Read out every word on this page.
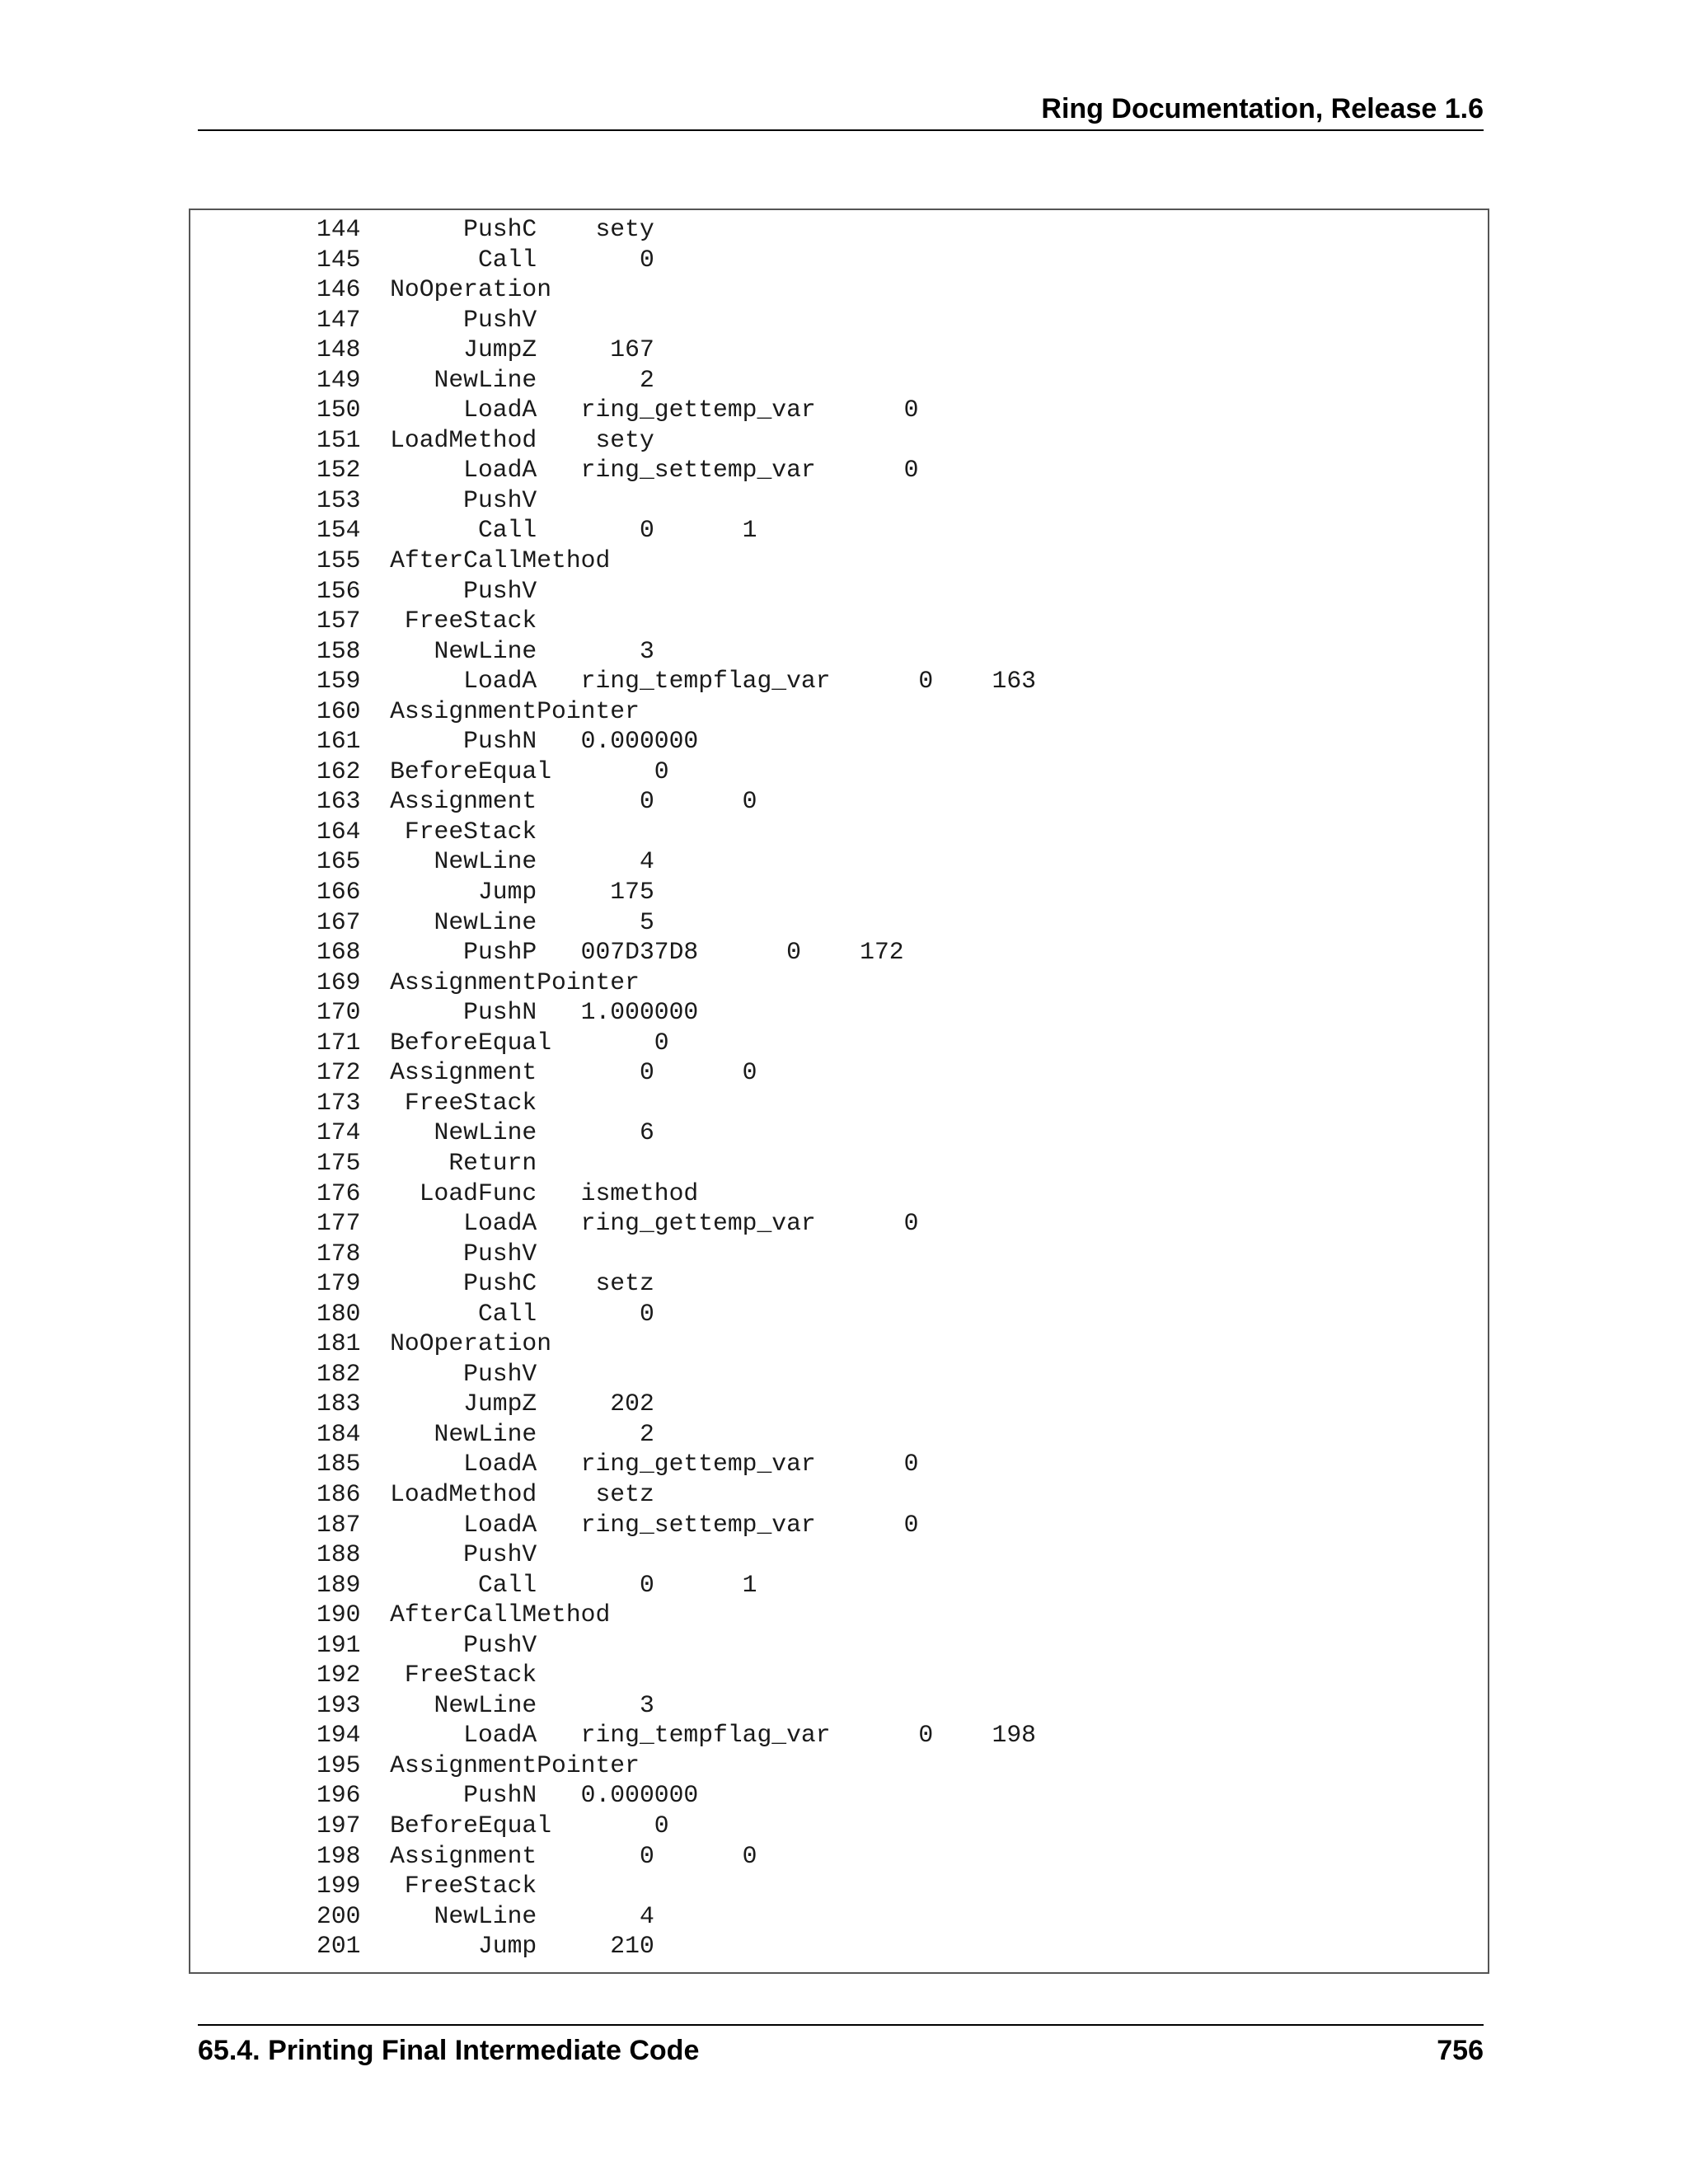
Ring Documentation, Release 1.6
144       PushC    sety
145        Call       0
146  NoOperation
147       PushV
148       JumpZ     167
149     NewLine       2
150       LoadA   ring_gettemp_var      0
151  LoadMethod    sety
152       LoadA   ring_settemp_var      0
153       PushV
154        Call       0      1
155  AfterCallMethod
156       PushV
157   FreeStack
158     NewLine       3
159       LoadA   ring_tempflag_var      0    163
160  AssignmentPointer
161       PushN   0.000000
162  BeforeEqual       0
163  Assignment       0      0
164   FreeStack
165     NewLine       4
166        Jump     175
167     NewLine       5
168       PushP   007D37D8      0    172
169  AssignmentPointer
170       PushN   1.000000
171  BeforeEqual       0
172  Assignment       0      0
173   FreeStack
174     NewLine       6
175      Return
176    LoadFunc   ismethod
177       LoadA   ring_gettemp_var      0
178       PushV
179       PushC    setz
180        Call       0
181  NoOperation
182       PushV
183       JumpZ     202
184     NewLine       2
185       LoadA   ring_gettemp_var      0
186  LoadMethod    setz
187       LoadA   ring_settemp_var      0
188       PushV
189        Call       0      1
190  AfterCallMethod
191       PushV
192   FreeStack
193     NewLine       3
194       LoadA   ring_tempflag_var      0    198
195  AssignmentPointer
196       PushN   0.000000
197  BeforeEqual       0
198  Assignment       0      0
199   FreeStack
200     NewLine       4
201        Jump     210
65.4. Printing Final Intermediate Code	756
